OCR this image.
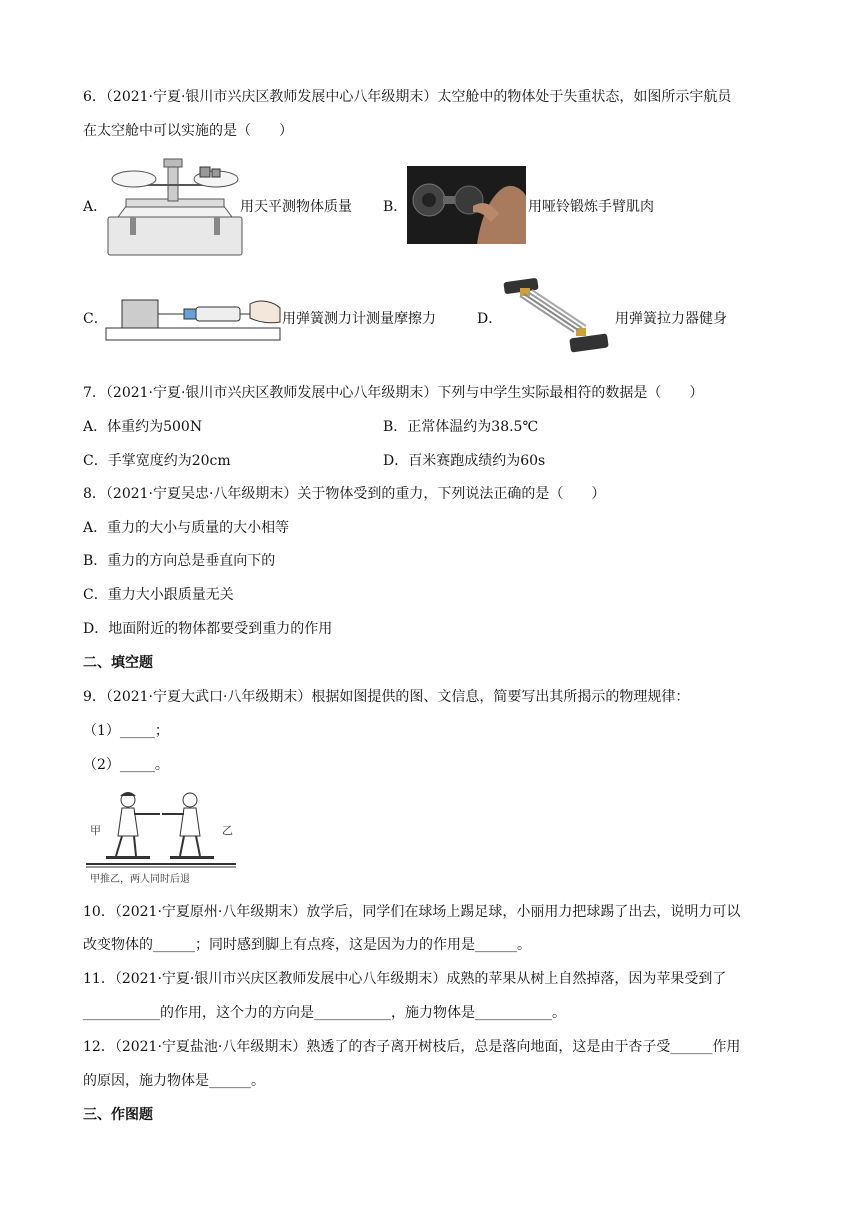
6．（2021·宁夏·银川市兴庆区教师发展中心八年级期末）太空舱中的物体处于失重状态，如图所示宇航员
在太空舱中可以实施的是（　　）
A．	用天平测物体质量 B．	用哑铃锻炼手臂肌肉
C．	用弹簧测力计测量摩擦力	D．	用弹簧拉力器健身
7．（2021·宁夏·银川市兴庆区教师发展中心八年级期末）下列与中学生实际最相符的数据是（　　）
A．体重约为500N	B．正常体温约为38.5℃
C．手掌宽度约为20cm	D．百米赛跑成绩约为60s
8．（2021·宁夏吴忠·八年级期末）关于物体受到的重力，下列说法正确的是（　　）
A．重力的大小与质量的大小相等
B．重力的方向总是垂直向下的
C．重力大小跟质量无关
D．地面附近的物体都要受到重力的作用
二、填空题
9．（2021·宁夏大武口·八年级期末）根据如图提供的图、文信息，简要写出其所揭示的物理规律：
（1）_____；
（2）_____。
甲	乙
甲推乙，两人同时后退
10．（2021·宁夏原州·八年级期末）放学后，同学们在球场上踢足球，小丽用力把球踢了出去，说明力可以
改变物体的______；同时感到脚上有点疼，这是因为力的作用是______。
11．（2021·宁夏·银川市兴庆区教师发展中心八年级期末）成熟的苹果从树上自然掉落，因为苹果受到了
___________的作用，这个力的方向是___________，施力物体是___________。
12．（2021·宁夏盐池·八年级期末）熟透了的杏子离开树枝后，总是落向地面，这是由于杏子受______作用
的原因，施力物体是______。
三、作图题
